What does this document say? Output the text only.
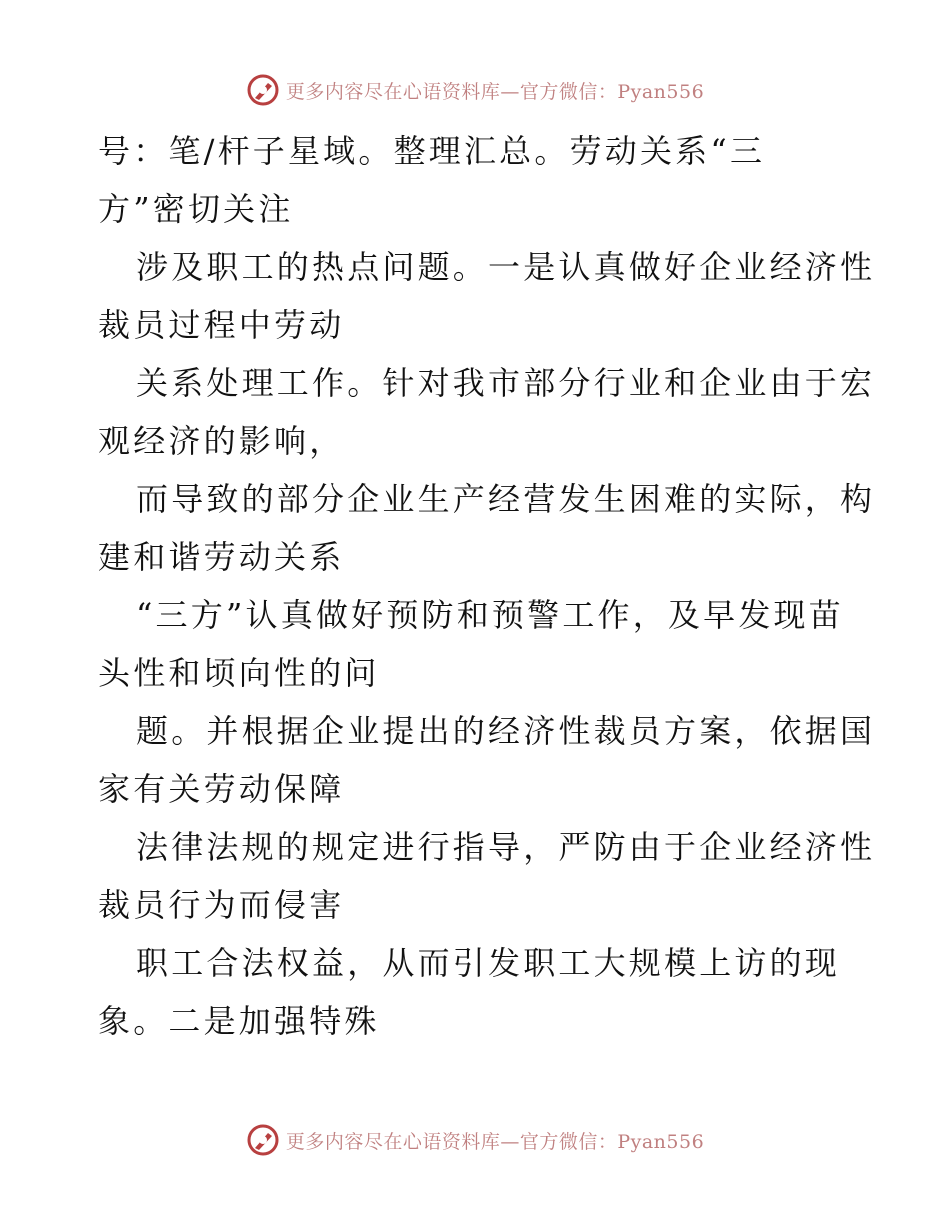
更多内容尽在心语资料库—官方微信：Pyan556
号：笔/杆子星域。整理汇总。劳动关系“三
方”密切关注
涉及职工的热点问题。一是认真做好企业经济性
裁员过程中劳动
关系处理工作。针对我市部分行业和企业由于宏
观经济的影响，
而导致的部分企业生产经营发生困难的实际，构
建和谐劳动关系
“三方”认真做好预防和预警工作，及早发现苗
头性和顷向性的问
题。并根据企业提出的经济性裁员方案，依据国
家有关劳动保障
法律法规的规定进行指导，严防由于企业经济性
裁员行为而侵害
职工合法权益，从而引发职工大规模上访的现
象。二是加强特殊
更多内容尽在心语资料库—官方微信：Pyan556
